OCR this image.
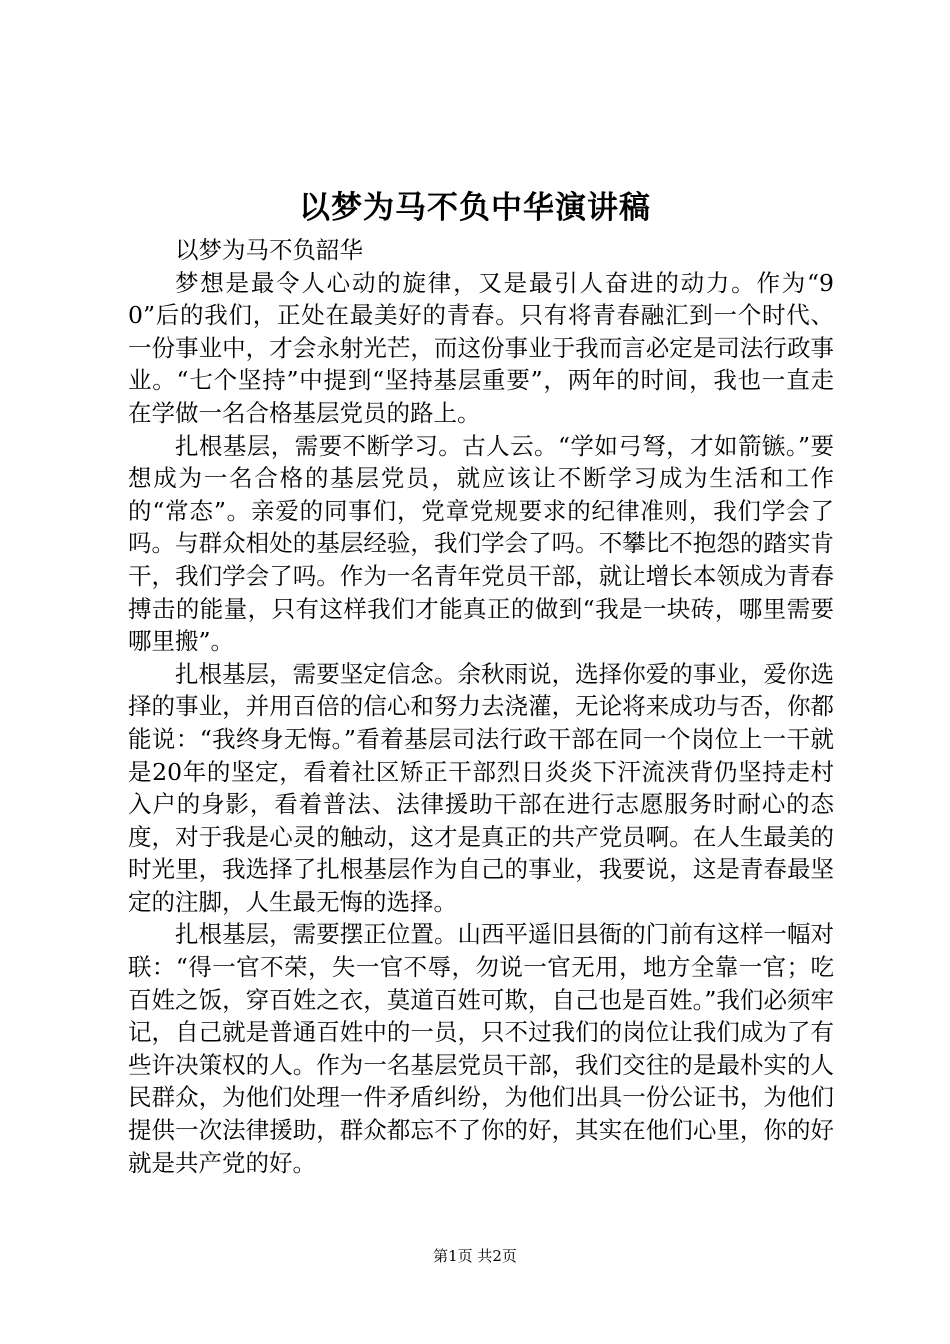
以梦为马不负中华演讲稿

以梦为马不负韶华

梦想是最令人心动的旋律，又是最引人奋进的动力。作为“90”后的我们，正处在最美好的青春。只有将青春融汇到一个时代、一份事业中，才会永射光芒，而这份事业于我而言必定是司法行政事业。“七个坚持”中提到“坚持基层重要”，两年的时间，我也一直走在学做一名合格基层党员的路上。

扎根基层，需要不断学习。古人云。“学如弓弩，才如箭镞。”要想成为一名合格的基层党员，就应该让不断学习成为生活和工作的“常态”。亲爱的同事们，党章党规要求的纪律准则，我们学会了吗。与群众相处的基层经验，我们学会了吗。不攀比不抱怨的踏实肯干，我们学会了吗。作为一名青年党员干部，就让增长本领成为青春搏击的能量，只有这样我们才能真正的做到“我是一块砖，哪里需要哪里搬”。

扎根基层，需要坚定信念。余秋雨说，选择你爱的事业，爱你选择的事业，并用百倍的信心和努力去浇灌，无论将来成功与否，你都能说：“我终身无悔。”看着基层司法行政干部在同一个岗位上一干就是20年的坚定，看着社区矫正干部烈日炎炎下汗流浃背仍坚持走村入户的身影，看着普法、法律援助干部在进行志愿服务时耐心的态度，对于我是心灵的触动，这才是真正的共产党员啊。在人生最美的时光里，我选择了扎根基层作为自己的事业，我要说，这是青春最坚定的注脚，人生最无悔的选择。

扎根基层，需要摆正位置。山西平遥旧县衙的门前有这样一幅对联：“得一官不荣，失一官不辱，勿说一官无用，地方全靠一官；吃百姓之饭，穿百姓之衣，莫道百姓可欺，自己也是百姓。”我们必须牢记，自己就是普通百姓中的一员，只不过我们的岗位让我们成为了有些许决策权的人。作为一名基层党员干部，我们交往的是最朴实的人民群众，为他们处理一件矛盾纠纷，为他们出具一份公证书，为他们提供一次法律援助，群众都忘不了你的好，其实在他们心里，你的好就是共产党的好。

第1页 共2页
